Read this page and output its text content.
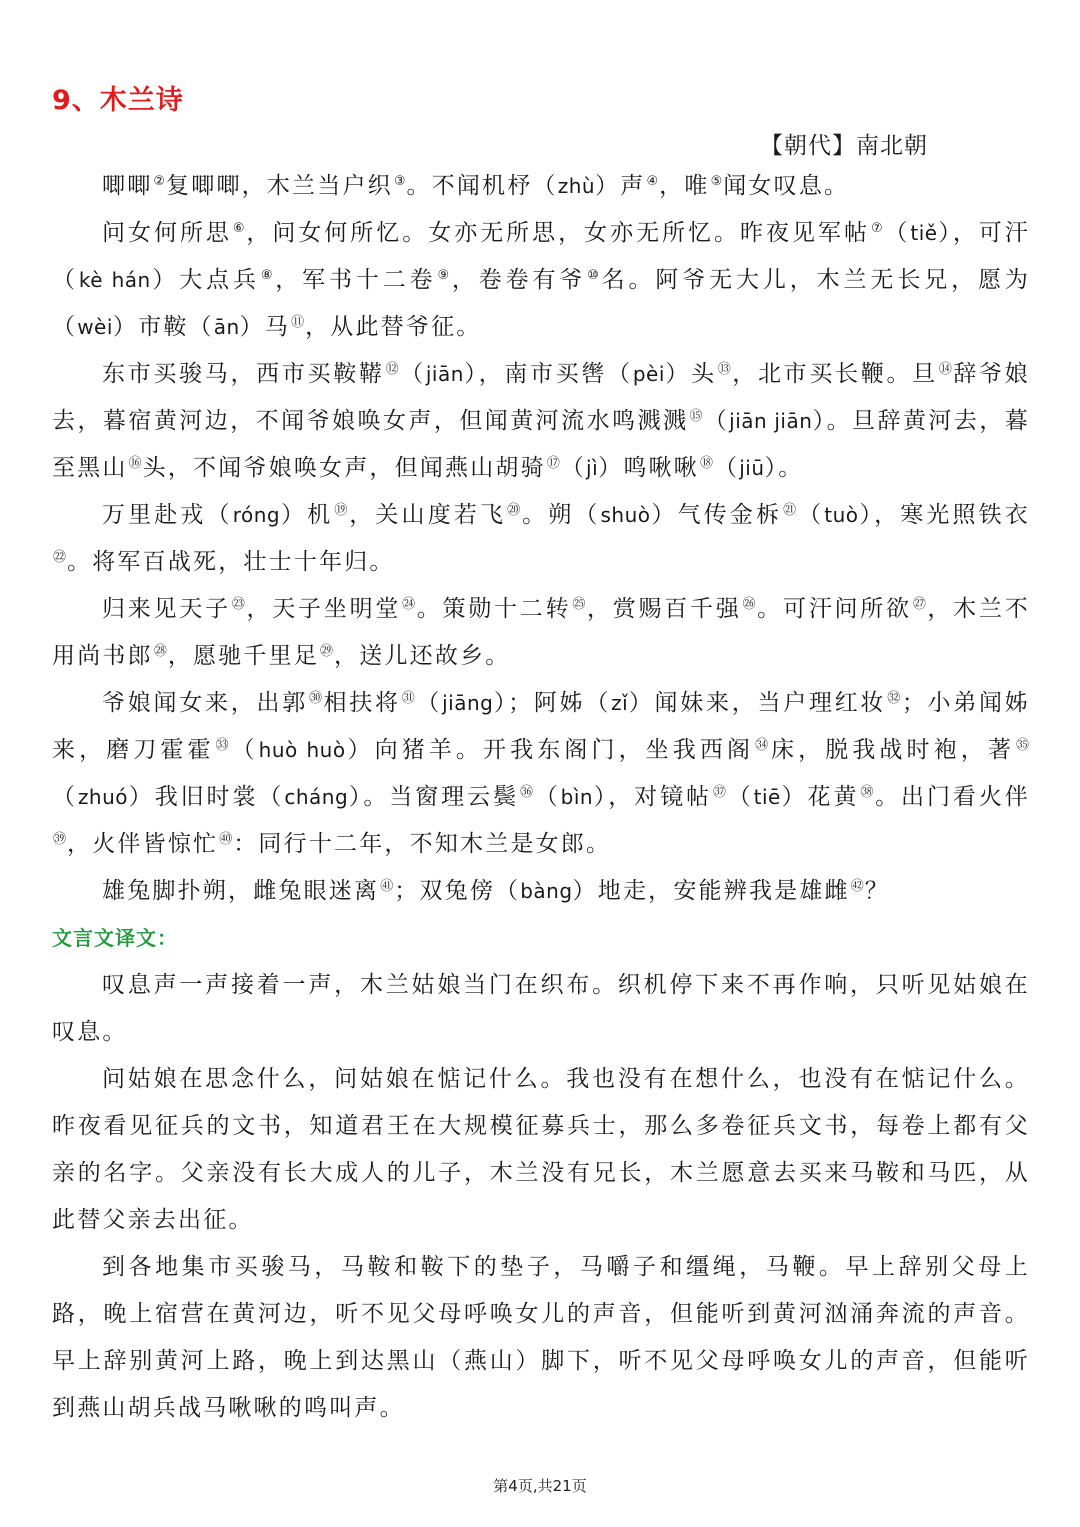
9、木兰诗
【朝代】南北朝

唧唧②复唧唧，木兰当户织③。不闻机杼（zhù）声④，唯⑤闻女叹息。

问女何所思⑥，问女何所忆。女亦无所思，女亦无所忆。昨夜见军帖⑦（tiě），可汗（kè hán）大点兵⑧，军书十二卷⑨，卷卷有爷⑩名。阿爷无大儿，木兰无长兄，愿为（wèi）市鞍（ān）马⑪，从此替爷征。

东市买骏马，西市买鞍鞯⑫（jiān），南市买辔（pèi）头⑬，北市买长鞭。旦⑭辞爷娘去，暮宿黄河边，不闻爷娘唤女声，但闻黄河流水鸣溅溅⑮（jiān jiān）。旦辞黄河去，暮至黑山⑯头，不闻爷娘唤女声，但闻燕山胡骑⑰（jì）鸣啾啾⑱（jiū）。

万里赴戎（róng）机⑲，关山度若飞⑳。朔（shuò）气传金柝$^㉑$（tuò），寒光照铁衣$^㉒$。将军百战死，壮士十年归。

归来见天子$^㉓$，天子坐明堂$^㉔$。策勋十二转$^㉕$，赏赐百千强$^㉖$。可汗问所欲$^㉗$，木兰不用尚书郎$^㉘$，愿驰千里足$^㉙$，送儿还故乡。

爷娘闻女来，出郭$^㉚$相扶将$^㉛$（jiāng）；阿姊（zǐ）闻妹来，当户理红妆$^㉜$；小弟闻姊来，磨刀霍霍$^㉝$（huò huò）向猪羊。开我东阁门，坐我西阁$^㉞$床，脱我战时袍，著$^㉟$（zhuó）我旧时裳（cháng）。当窗理云鬓$^㊱$（bìn），对镜帖$^㊲$（tiē）花黄$^㊳$。出门看火伴$^㊴$，火伴皆惊忙$^㊵$：同行十二年，不知木兰是女郎。

雄兔脚扑朔，雌兔眼迷离$^㊶$；双兔傍（bàng）地走，安能辨我是雄雌$^㊷$？

文言文译文：

叹息声一声接着一声，木兰姑娘当门在织布。织机停下来不再作响，只听见姑娘在叹息。

问姑娘在思念什么，问姑娘在惦记什么。我也没有在想什么，也没有在惦记什么。昨夜看见征兵的文书，知道君王在大规模征募兵士，那么多卷征兵文书，每卷上都有父亲的名字。父亲没有长大成人的儿子，木兰没有兄长，木兰愿意去买来马鞍和马匹，从此替父亲去出征。

到各地集市买骏马，马鞍和鞍下的垫子，马嚼子和缰绳，马鞭。早上辞别父母上路，晚上宿营在黄河边，听不见父母呼唤女儿的声音，但能听到黄河汹涌奔流的声音。早上辞别黄河上路，晚上到达黑山（燕山）脚下，听不见父母呼唤女儿的声音，但能听到燕山胡兵战马啾啾的鸣叫声。

第4页,共21页
